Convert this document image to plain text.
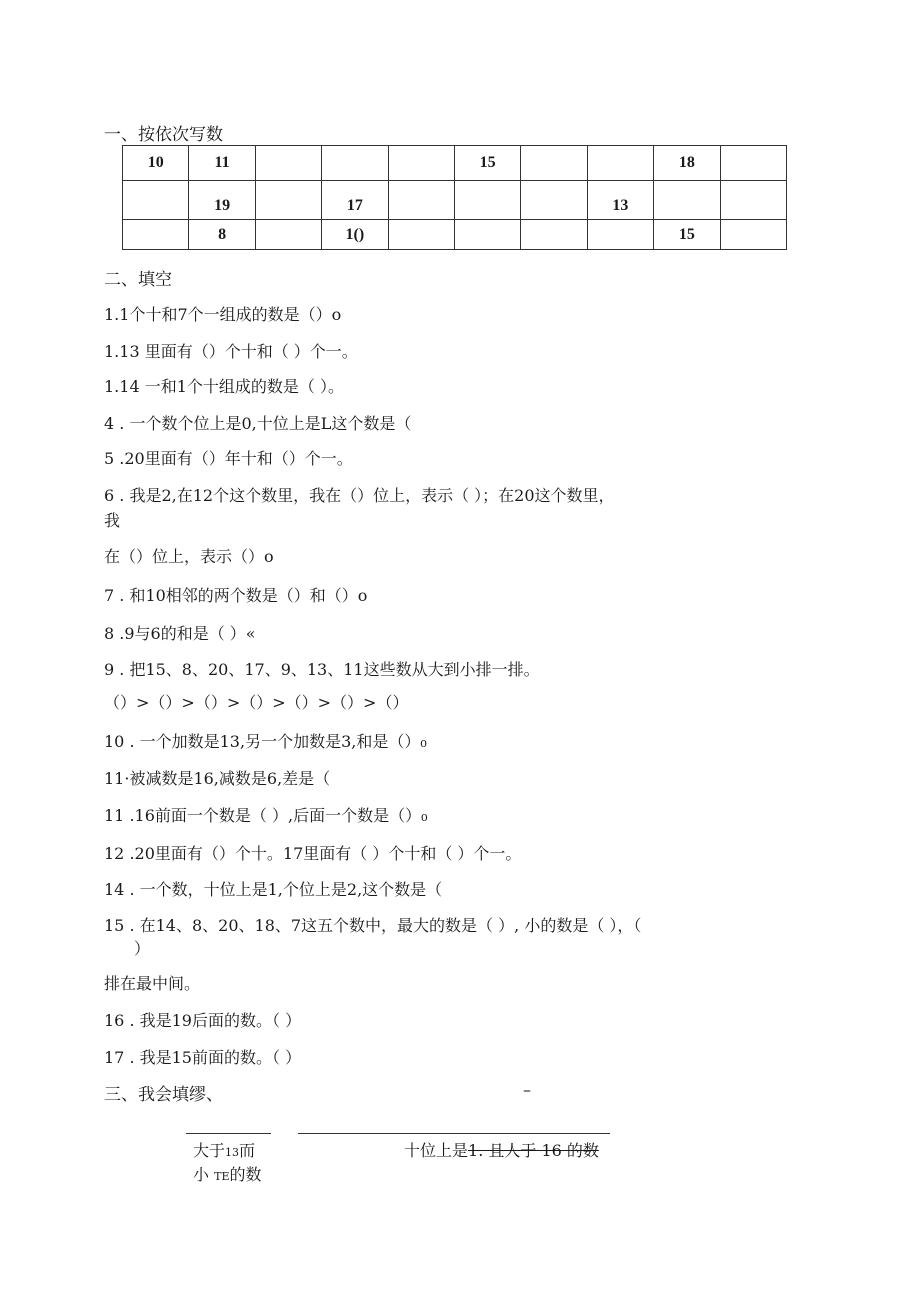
一、按依次写数
10	11				15			18	
	19		17				13		
	8		1()					15	
二、填空
1.1个十和7个一组成的数是（）o
1.13 里面有（）个十和（ ）个一。
1.14 一和1个十组成的数是（ ）。
4 . 一个数个位上是0,十位上是L这个数是（
5 .20里面有（）年十和（）个一。
6 . 我是2,在12个这个数里，我在（）位上，表示（ ）；在20这个数里，
我
在（）位上，表示（）o
7 . 和10相邻的两个数是（）和（）o
8 .9与6的和是（ ）«
9 . 把15、8、20、17、9、13、11这些数从大到小排一排。
（）>（）>（）>（）>（）>（）>（）
10 . 一个加数是13,另一个加数是3,和是（）₀
11·被减数是16,减数是6,差是（
11 .16前面一个数是（ ）,后面一个数是（）₀
12 .20里面有（）个十。17里面有（ ）个十和（ ）个一。
14 . 一个数，十位上是1,个位上是2,这个数是（
15 . 在14、8、20、18、7这五个数中，最大的数是（ ）, 小的数是（ ），（
）
排在最中间。
16 . 我是19后面的数。（ ）
17 . 我是15前面的数。（ ）
三、我会填缪、	–
大于13而
小 TE的数
十位上是1. 且人于 16 的数
